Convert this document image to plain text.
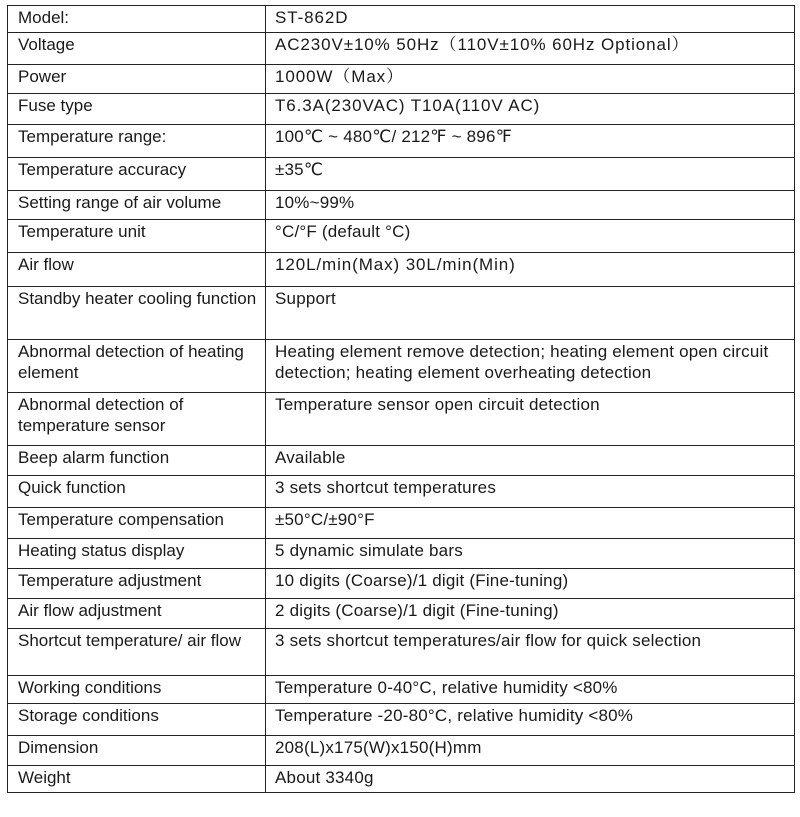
Model:	ST-862D
Voltage	AC230V±10% 50Hz（110V±10% 60Hz Optional）
Power	1000W（Max）
Fuse type	T6.3A(230VAC) T10A(110V AC)
Temperature range:	100℃ ~ 480℃/ 212℉ ~ 896℉
Temperature accuracy	±35℃
Setting range of air volume	10%~99%
Temperature unit	°C/°F (default °C)
Air flow	120L/min(Max) 30L/min(Min)
Standby heater cooling function	Support
Abnormal detection of heating element	Heating element remove detection; heating element open circuit detection; heating element overheating detection
Abnormal detection of temperature sensor	Temperature sensor open circuit detection
Beep alarm function	Available
Quick function	3 sets shortcut temperatures
Temperature compensation	±50°C/±90°F
Heating status display	5 dynamic simulate bars
Temperature adjustment	10 digits (Coarse)/1 digit (Fine-tuning)
Air flow adjustment	2 digits (Coarse)/1 digit (Fine-tuning)
Shortcut temperature/ air flow	3 sets shortcut temperatures/air flow for quick selection
Working conditions	Temperature 0-40°C, relative humidity <80%
Storage conditions	Temperature -20-80°C, relative humidity <80%
Dimension	208(L)x175(W)x150(H)mm
Weight	About 3340g
